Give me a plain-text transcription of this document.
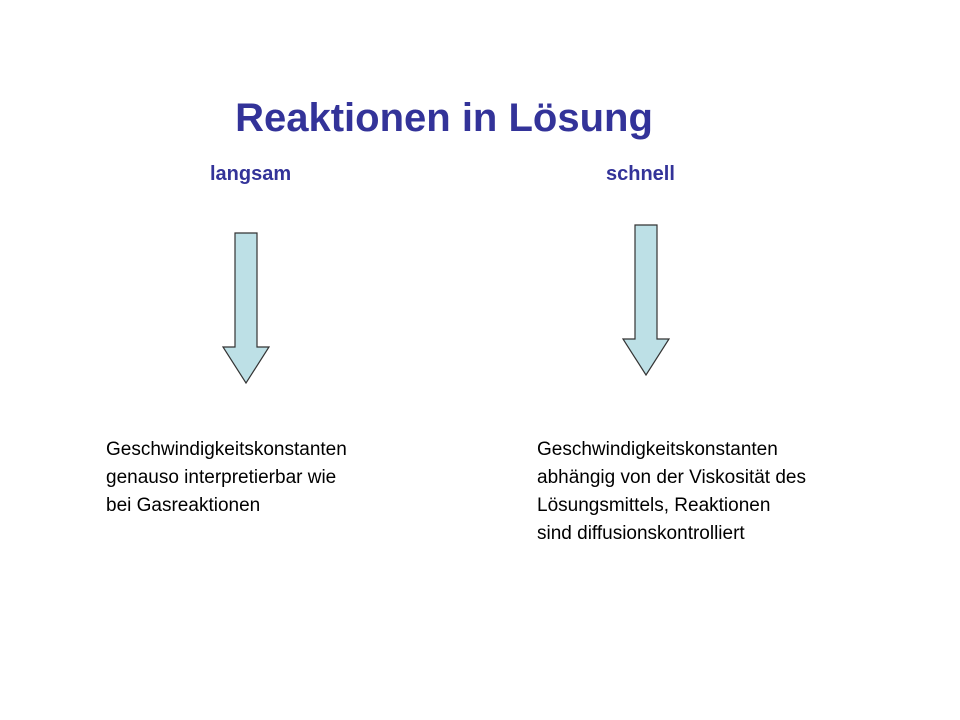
Reaktionen in Lösung
langsam	schnell
Geschwindigkeitskonstanten
genauso interpretierbar wie
bei Gasreaktionen
Geschwindigkeitskonstanten
abhängig von der Viskosität des
Lösungsmittels, Reaktionen
sind diffusionskontrolliert
